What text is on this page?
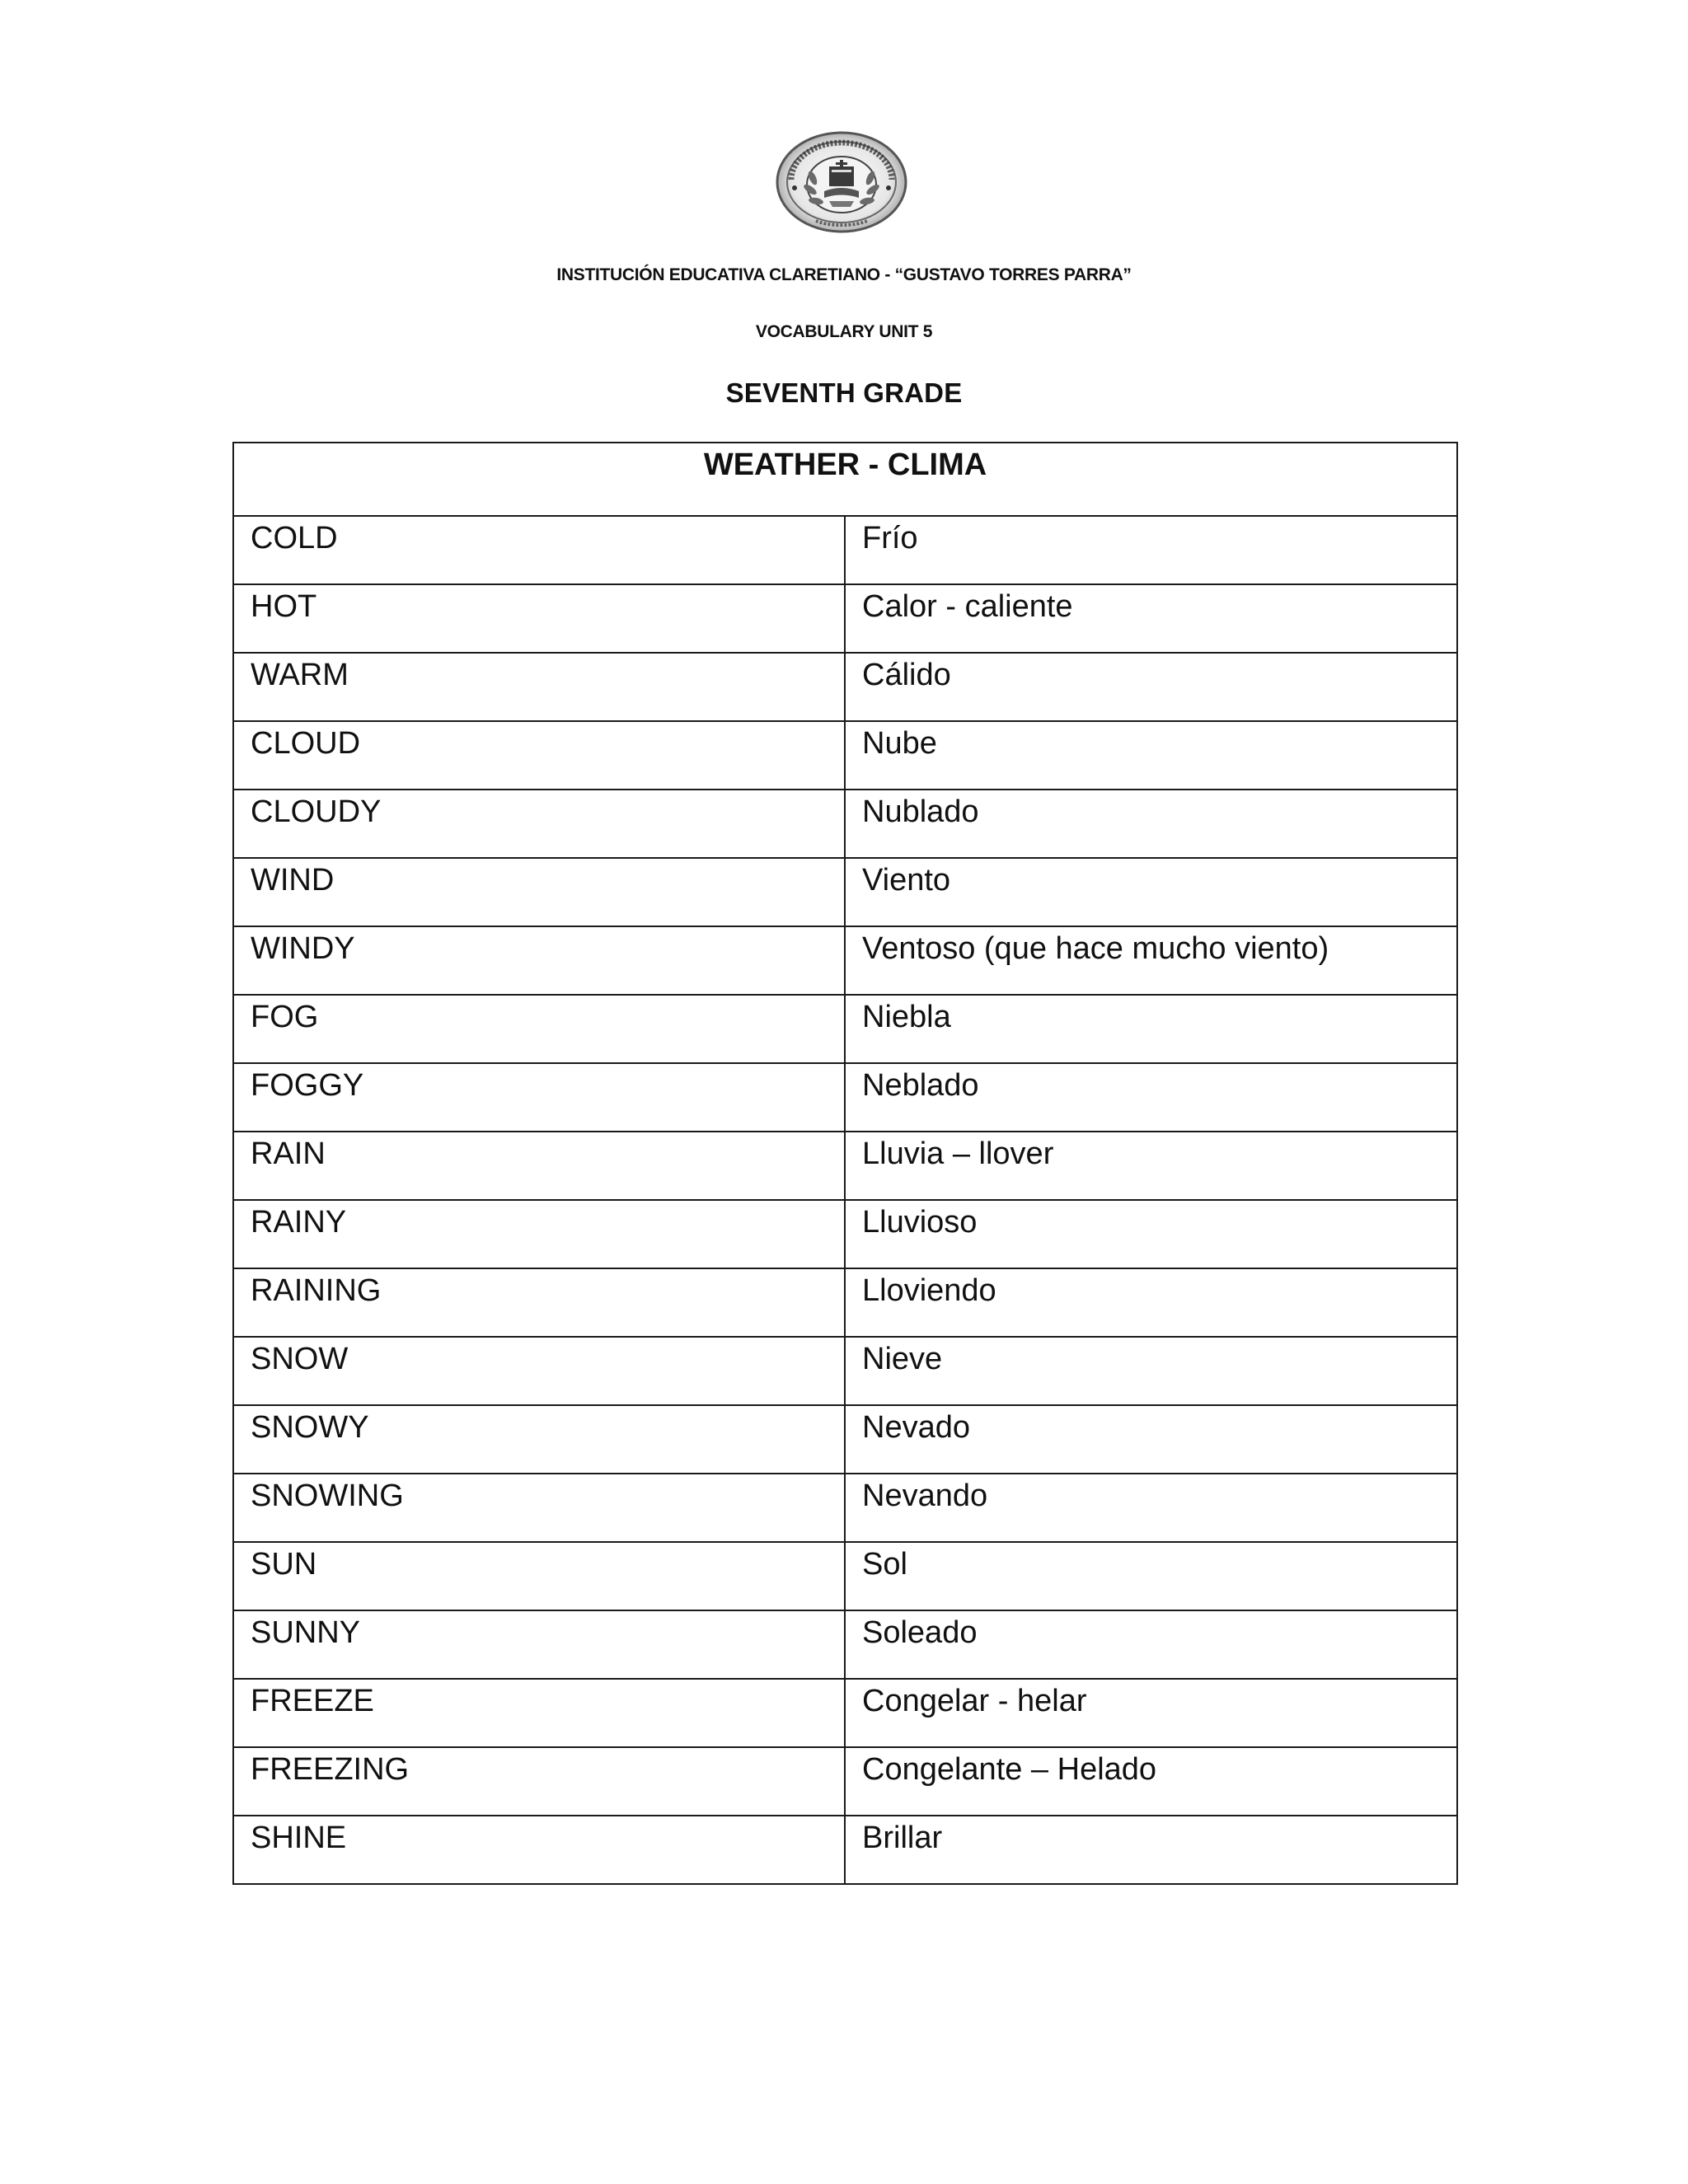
INSTITUCIÓN EDUCATIVA CLARETIANO - “GUSTAVO TORRES PARRA”
VOCABULARY UNIT 5
SEVENTH GRADE
WEATHER - CLIMA	
COLD	Frío
HOT	Calor - caliente
WARM	Cálido
CLOUD	Nube
CLOUDY	Nublado
WIND	Viento
WINDY	Ventoso (que hace mucho viento)
FOG	Niebla
FOGGY	Neblado
RAIN	Lluvia – llover
RAINY	Lluvioso
RAINING	Lloviendo
SNOW	Nieve
SNOWY	Nevado
SNOWING	Nevando
SUN	Sol
SUNNY	Soleado
FREEZE	Congelar - helar
FREEZING	Congelante – Helado
SHINE	Brillar
